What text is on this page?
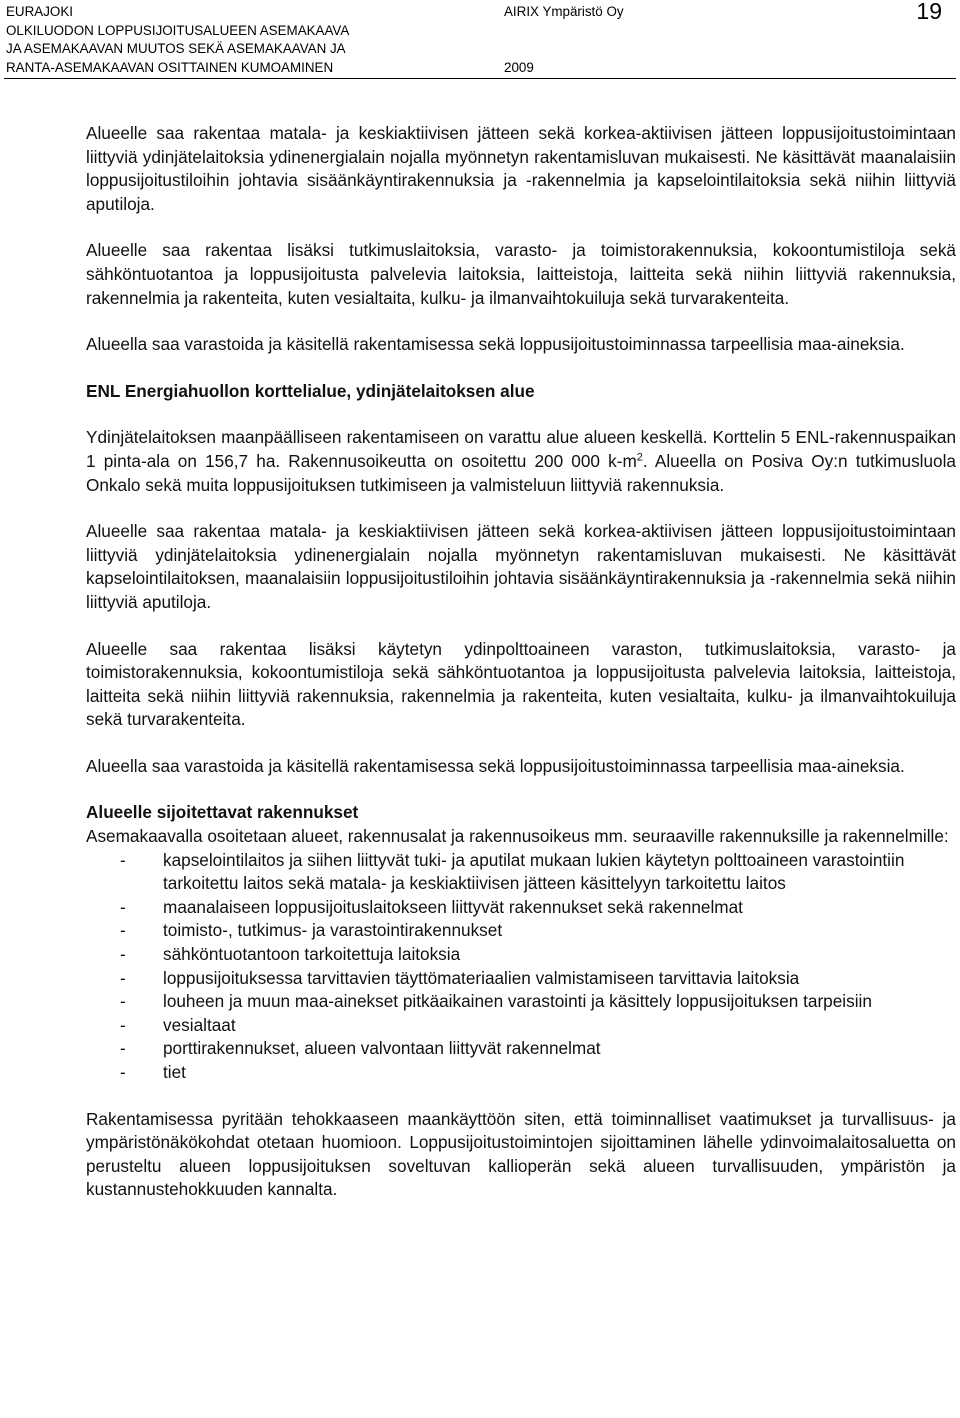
EURAJOKI
OLKILUODON LOPPUSIJOITUSALUEEN ASEMAKAAVA
JA ASEMAKAAVAN MUUTOS SEKÄ ASEMAKAAVAN JA
RANTA-ASEMAKAAVAN OSITTAINEN KUMOAMINEN
AIRIX Ympäristö Oy
2009
19

Alueelle saa rakentaa matala- ja keskiaktiivisen jätteen sekä korkea-aktiivisen jätteen loppusijoitustoimintaan liittyviä ydinjätelaitoksia ydinenergialain nojalla myönnetyn rakentamisluvan mukaisesti. Ne käsittävät maanalaisiin loppusijoitustiloihin johtavia sisäänkäyntirakennuksia ja -rakennelmia ja kapselointilaitoksia sekä niihin liittyviä aputiloja.

Alueelle saa rakentaa lisäksi tutkimuslaitoksia, varasto- ja toimistorakennuksia, kokoontumistiloja sekä sähköntuotantoa ja loppusijoitusta palvelevia laitoksia, laitteistoja, laitteita sekä niihin liittyviä rakennuksia, rakennelmia ja rakenteita, kuten vesialtaita, kulku- ja ilmanvaihtokuiluja sekä turvarakenteita.

Alueella saa varastoida ja käsitellä rakentamisessa sekä loppusijoitustoiminnassa tarpeellisia maa-aineksia.

ENL Energiahuollon korttelialue, ydinjätelaitoksen alue

Ydinjätelaitoksen maanpäälliseen rakentamiseen on varattu alue alueen keskellä. Korttelin 5 ENL-rakennuspaikan 1 pinta-ala on 156,7 ha. Rakennusoikeutta on osoitettu 200 000 $k-m^2$. Alueella on Posiva Oy:n tutkimusluola Onkalo sekä muita loppusijoituksen tutkimiseen ja valmisteluun liittyviä rakennuksia.

Alueelle saa rakentaa matala- ja keskiaktiivisen jätteen sekä korkea-aktiivisen jätteen loppusijoitustoimintaan liittyviä ydinjätelaitoksia ydinenergialain nojalla myönnetyn rakentamisluvan mukaisesti. Ne käsittävät kapselointilaitoksen, maanalaisiin loppusijoitustiloihin johtavia sisäänkäyntirakennuksia ja -rakennelmia sekä niihin liittyviä aputiloja.

Alueelle saa rakentaa lisäksi käytetyn ydinpolttoaineen varaston, tutkimuslaitoksia, varasto- ja toimistorakennuksia, kokoontumistiloja sekä sähköntuotantoa ja loppusijoitusta palvelevia laitoksia, laitteistoja, laitteita sekä niihin liittyviä rakennuksia, rakennelmia ja rakenteita, kuten vesialtaita, kulku- ja ilmanvaihtokuiluja sekä turvarakenteita.

Alueella saa varastoida ja käsitellä rakentamisessa sekä loppusijoitustoiminnassa tarpeellisia maa-aineksia.

Alueelle sijoitettavat rakennukset

Asemakaavalla osoitetaan alueet, rakennusalat ja rakennusoikeus mm. seuraaville rakennuksille ja rakennelmille:

- kapselointilaitos ja siihen liittyvät tuki- ja aputilat mukaan lukien käytetyn polttoaineen varastointiin tarkoitettu laitos sekä matala- ja keskiaktiivisen jätteen käsittelyyn tarkoitettu laitos
- maanalaiseen loppusijoituslaitokseen liittyvät rakennukset sekä rakennelmat
- toimisto-, tutkimus- ja varastointirakennukset
- sähköntuotantoon tarkoitettuja laitoksia
- loppusijoituksessa tarvittavien täyttömateriaalien valmistamiseen tarvittavia laitoksia
- louheen ja muun maa-ainekset pitkäaikainen varastointi ja käsittely loppusijoituksen tarpeisiin
- vesialtaat
- porttirakennukset, alueen valvontaan liittyvät rakennelmat
- tiet

Rakentamisessa pyritään tehokkaaseen maankäyttöön siten, että toiminnalliset vaatimukset ja turvallisuus- ja ympäristönäkökohdat otetaan huomioon. Loppusijoitustoimintojen sijoittaminen lähelle ydinvoimalaitosaluetta on perusteltu alueen loppusijoituksen soveltuvan kallioperän sekä alueen turvallisuuden, ympäristön ja kustannustehokkuuden kannalta.
